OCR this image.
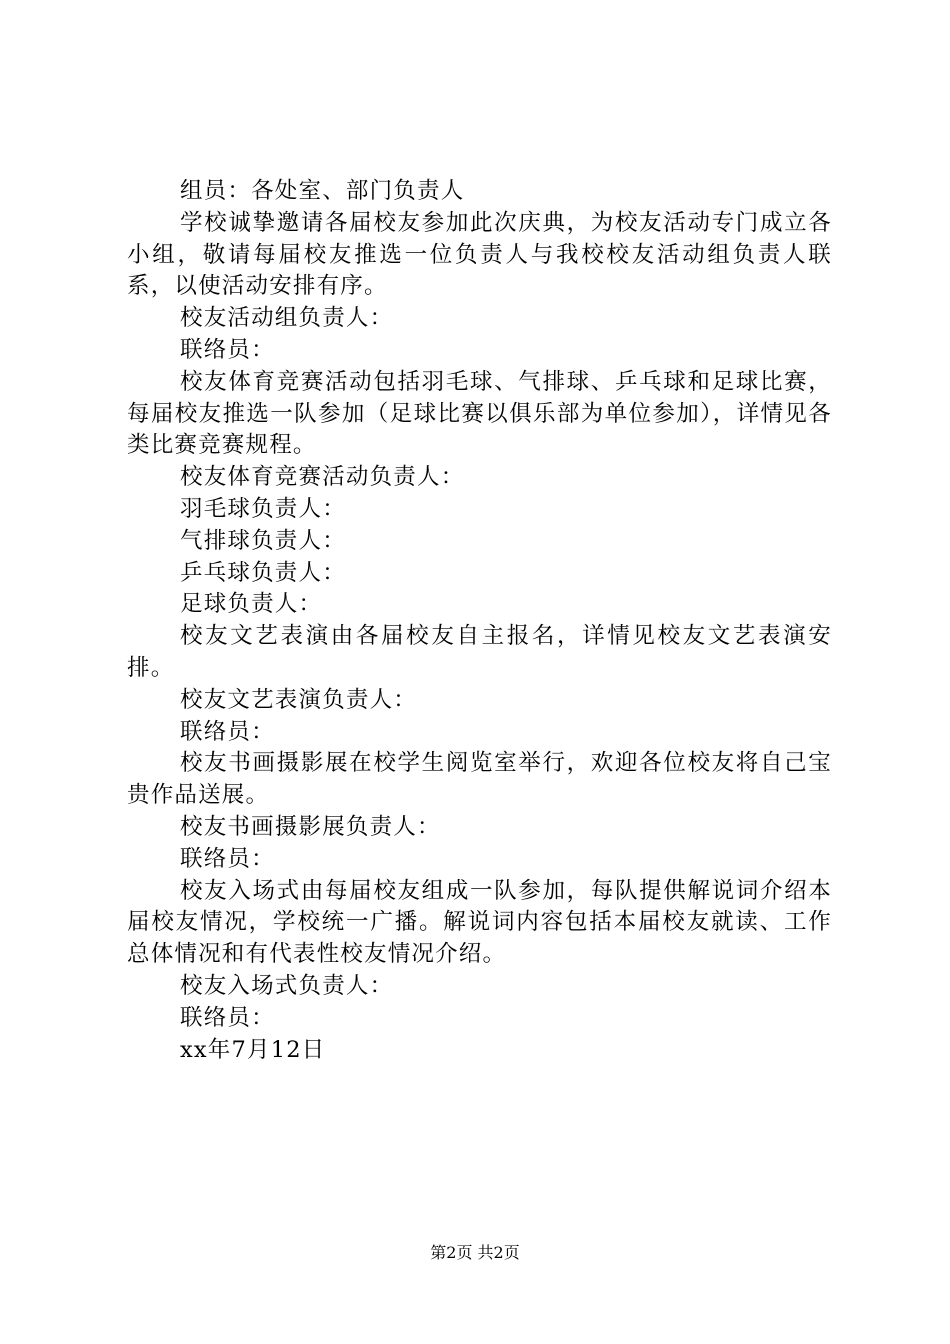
组员：各处室、部门负责人

学校诚挚邀请各届校友参加此次庆典，为校友活动专门成立各小组，敬请每届校友推选一位负责人与我校校友活动组负责人联系，以使活动安排有序。

校友活动组负责人：

联络员：

校友体育竞赛活动包括羽毛球、气排球、乒乓球和足球比赛，每届校友推选一队参加（足球比赛以俱乐部为单位参加），详情见各类比赛竞赛规程。

校友体育竞赛活动负责人：

羽毛球负责人：

气排球负责人：

乒乓球负责人：

足球负责人：

校友文艺表演由各届校友自主报名，详情见校友文艺表演安排。

校友文艺表演负责人：

联络员：

校友书画摄影展在校学生阅览室举行，欢迎各位校友将自己宝贵作品送展。

校友书画摄影展负责人：

联络员：

校友入场式由每届校友组成一队参加，每队提供解说词介绍本届校友情况，学校统一广播。解说词内容包括本届校友就读、工作总体情况和有代表性校友情况介绍。

校友入场式负责人：

联络员：

xx年7月12日

第2页 共2页
